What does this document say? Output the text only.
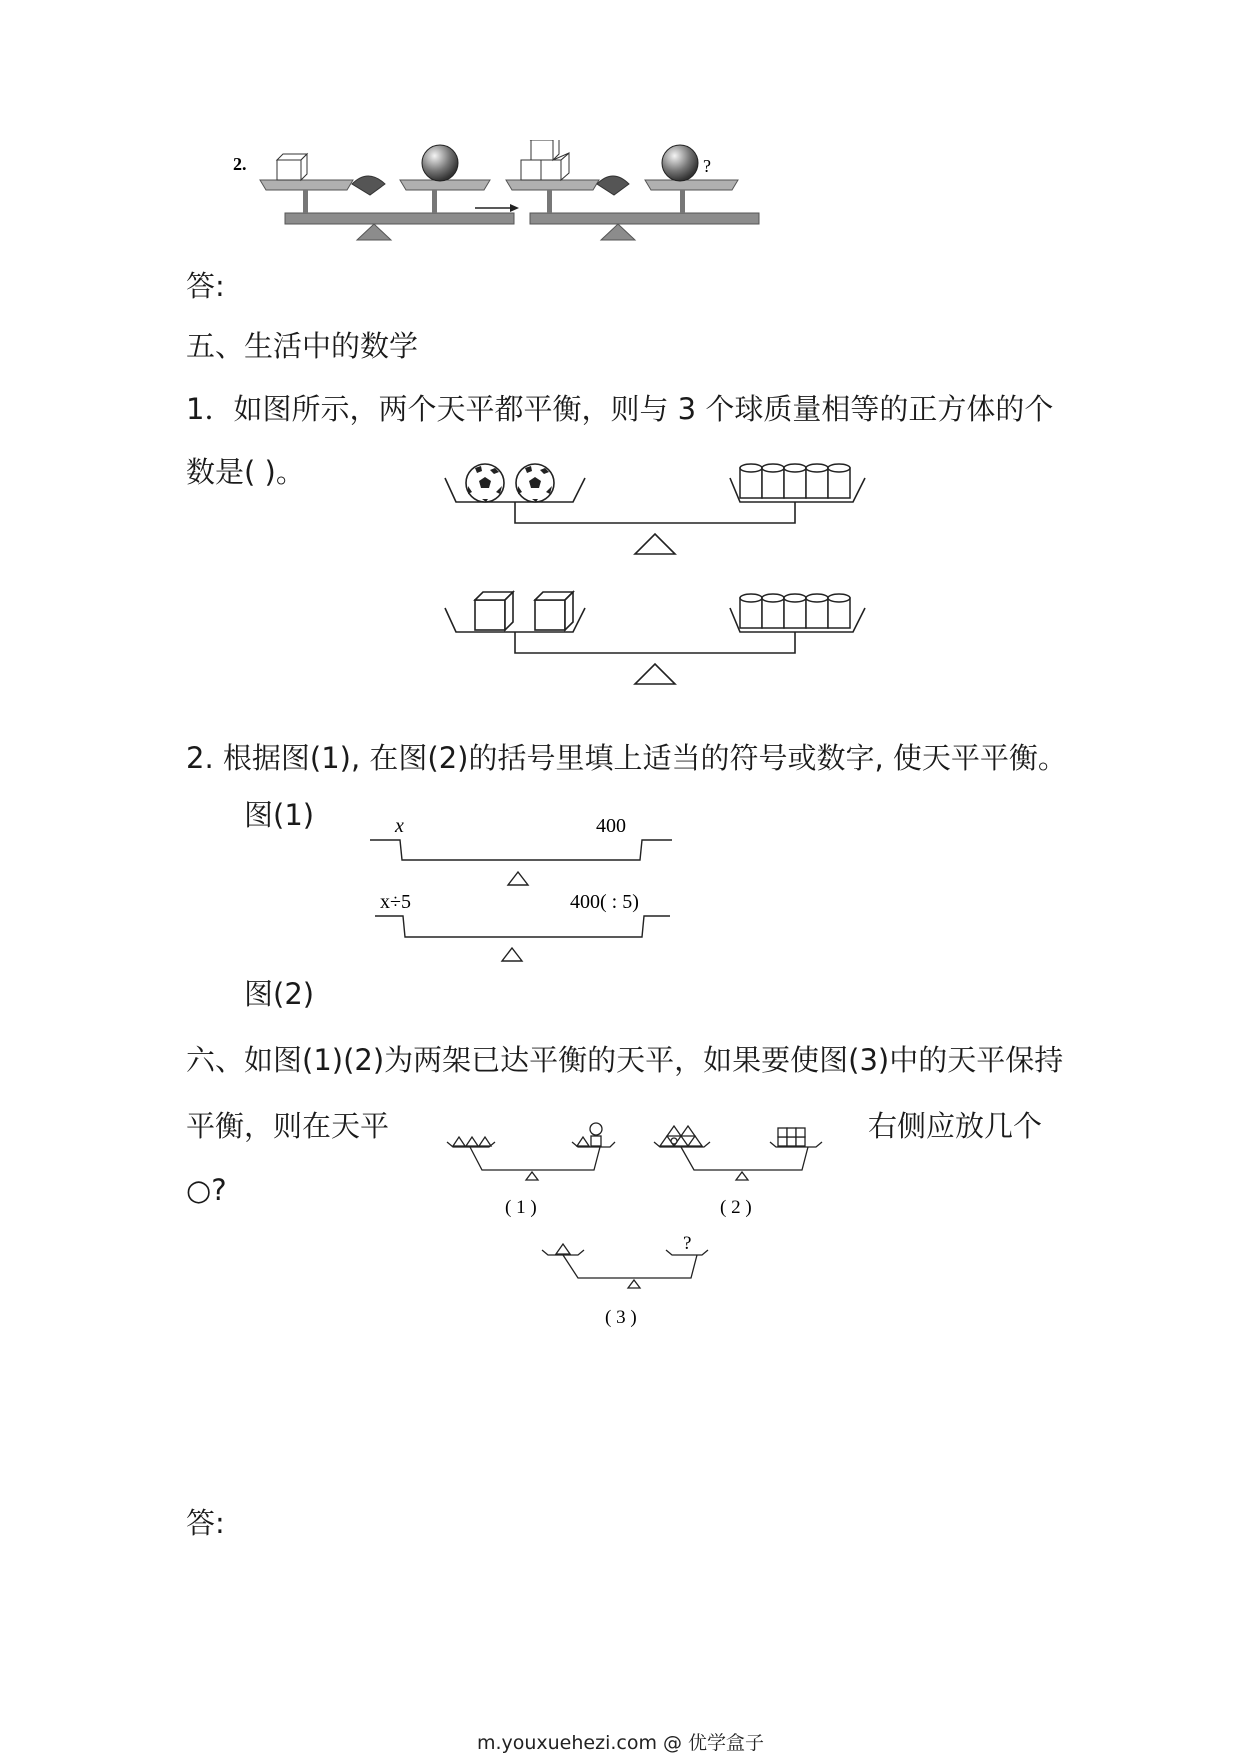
2.	?
答:
五、生活中的数学
1．如图所示，两个天平都平衡，则与 3 个球质量相等的正方体的个
数是( )。
2. 根据图(1), 在图(2)的括号里填上适当的符号或数字, 使天平平衡。
图(1)	x	400
x÷5	400( : 5)
图(2)
六、如图(1)(2)为两架已达平衡的天平，如果要使图(3)中的天平保持
平衡，则在天平	右侧应放几个
○?
( 1 )	( 2 )
?
( 3 )
答:
m.youxuehezi.com @ 优学盒子
